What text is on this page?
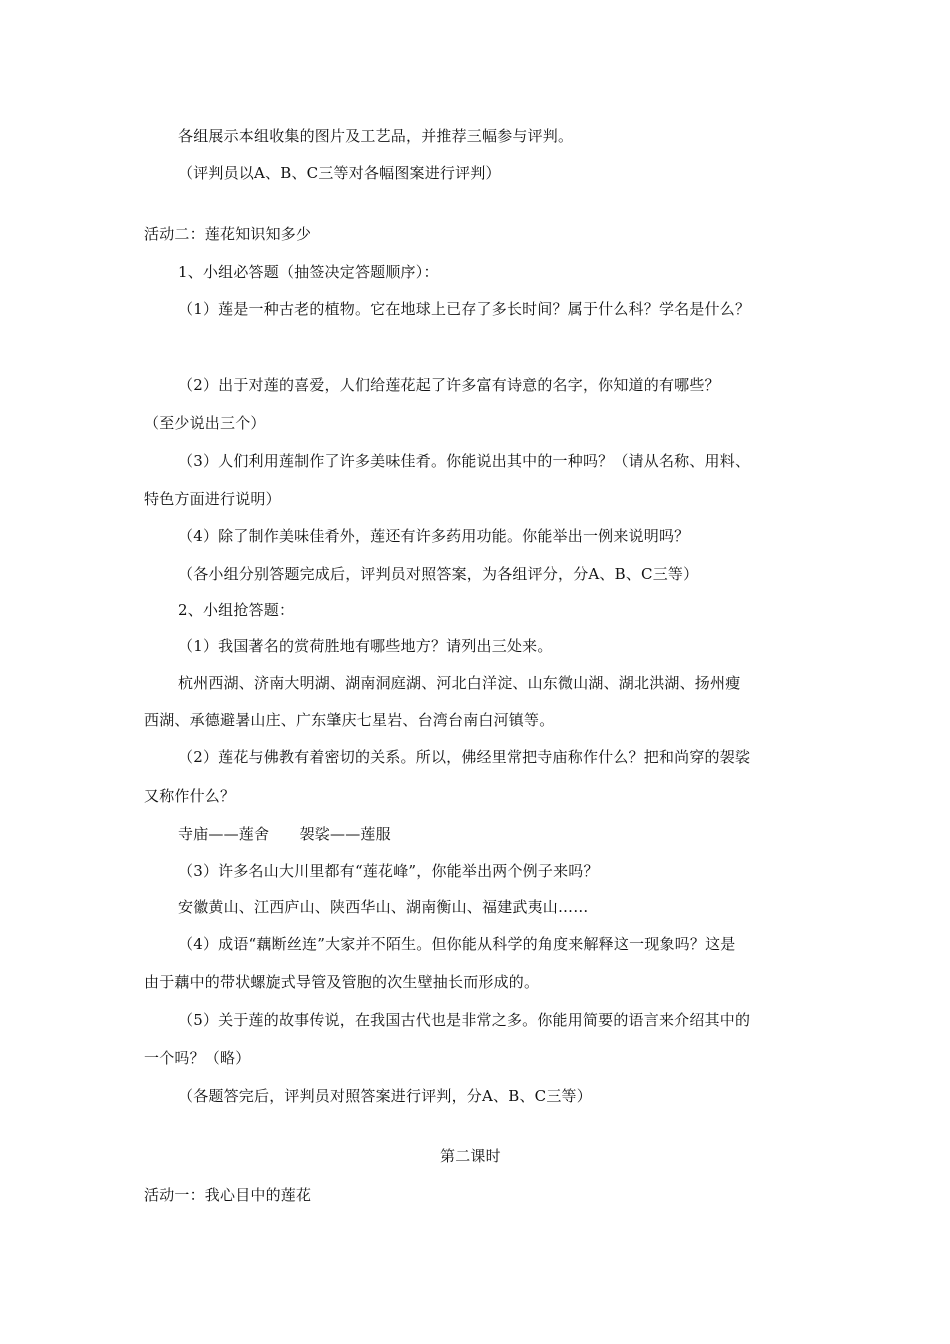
各组展示本组收集的图片及工艺品，并推荐三幅参与评判。
（评判员以A、B、C三等对各幅图案进行评判）
活动二：莲花知识知多少
1、小组必答题（抽签决定答题顺序）：
（1）莲是一种古老的植物。它在地球上已存了多长时间？属于什么科？学名是什么？
（2）出于对莲的喜爱，人们给莲花起了许多富有诗意的名字，你知道的有哪些？
（至少说出三个）
（3）人们利用莲制作了许多美味佳肴。你能说出其中的一种吗？（请从名称、用料、
特色方面进行说明）
（4）除了制作美味佳肴外，莲还有许多药用功能。你能举出一例来说明吗？
（各小组分别答题完成后，评判员对照答案，为各组评分，分A、B、C三等）
2、小组抢答题：
（1）我国著名的赏荷胜地有哪些地方？请列出三处来。
杭州西湖、济南大明湖、湖南洞庭湖、河北白洋淀、山东微山湖、湖北洪湖、扬州瘦
西湖、承德避暑山庄、广东肇庆七星岩、台湾台南白河镇等。
（2）莲花与佛教有着密切的关系。所以，佛经里常把寺庙称作什么？把和尚穿的袈裟
又称作什么？
寺庙——莲舍　　袈裟——莲服
（3）许多名山大川里都有“莲花峰”，你能举出两个例子来吗？
安徽黄山、江西庐山、陕西华山、湖南衡山、福建武夷山……
（4）成语“藕断丝连”大家并不陌生。但你能从科学的角度来解释这一现象吗？这是
由于藕中的带状螺旋式导管及管胞的次生壁抽长而形成的。
（5）关于莲的故事传说，在我国古代也是非常之多。你能用简要的语言来介绍其中的
一个吗？（略）
（各题答完后，评判员对照答案进行评判，分A、B、C三等）
第二课时
活动一：我心目中的莲花
